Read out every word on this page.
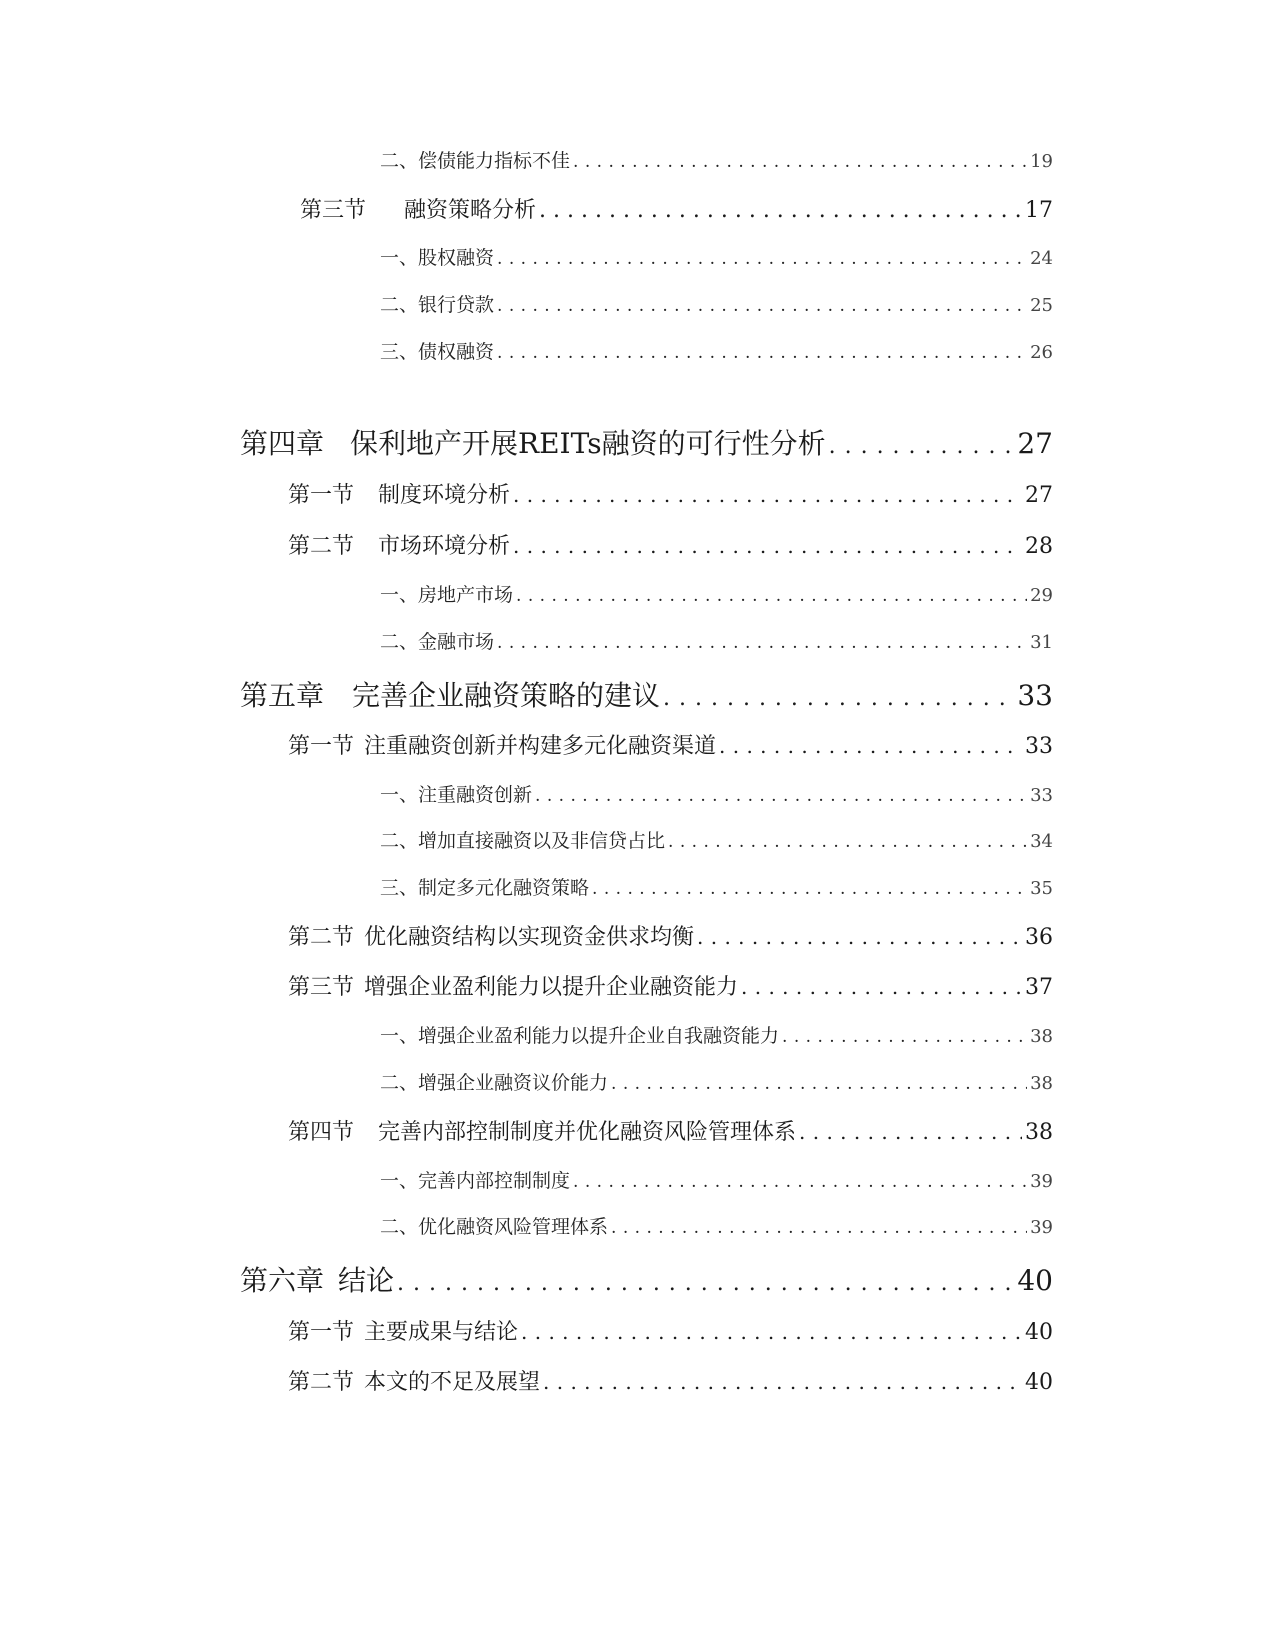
二、偿债能力指标不佳 . . .	19
第三节 融资策略分析 . . .	17
一、股权融资 . . .	24
二、银行贷款 . . .	25
三、债权融资 . . .	26
第四章 保利地产开展REITs融资的可行性分析 . . .	27
第一节 制度环境分析 . . .	27
第二节 市场环境分析 . . .	28
一、房地产市场 . . .	29
二、金融市场 . . .	31
第五章 完善企业融资策略的建议 . . .	33
第一节 注重融资创新并构建多元化融资渠道 . . .	33
一、注重融资创新 . . .	33
二、增加直接融资以及非信贷占比 . . .	34
三、制定多元化融资策略 . . .	35
第二节 优化融资结构以实现资金供求均衡 . . .	36
第三节 增强企业盈利能力以提升企业融资能力 . . .	37
一、增强企业盈利能力以提升企业自我融资能力 . . .	38
二、增强企业融资议价能力 . . .	38
第四节 完善内部控制制度并优化融资风险管理体系 . . .	38
一、完善内部控制制度 . . .	39
二、优化融资风险管理体系 . . .	39
第六章 结论 . . .	40
第一节 主要成果与结论 . . .	40
第二节 本文的不足及展望 . . .	40
